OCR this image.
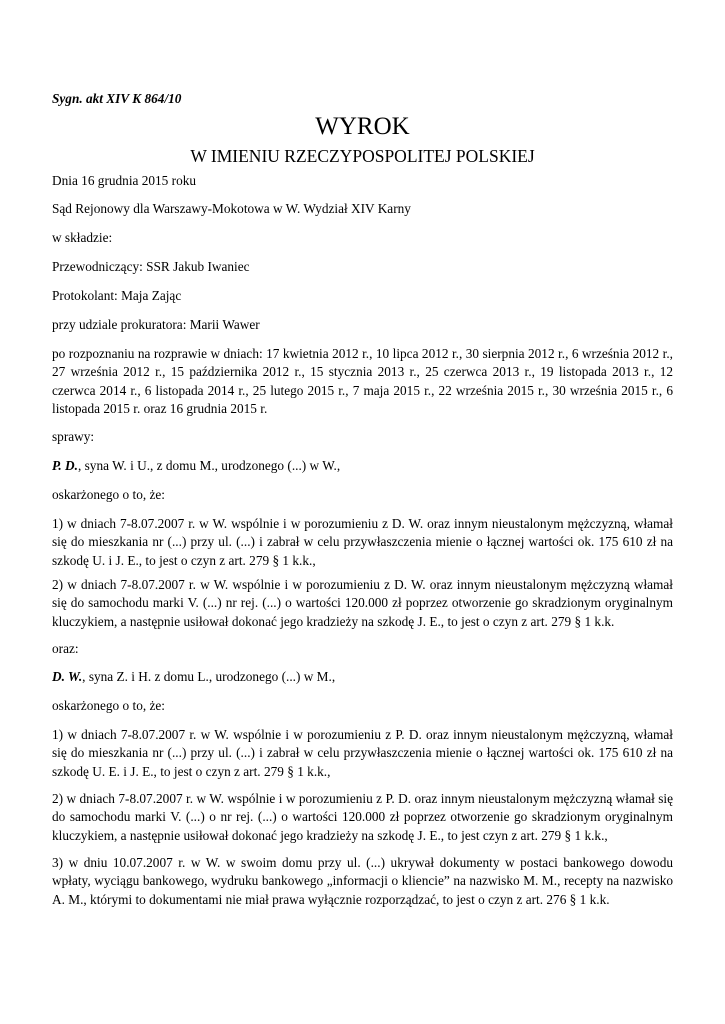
Sygn. akt XIV K 864/10

WYROK
W IMIENIU RZECZYPOSPOLITEJ POLSKIEJ

Dnia 16 grudnia 2015 roku

Sąd Rejonowy dla Warszawy-Mokotowa w W. Wydział XIV Karny

w składzie:

Przewodniczący: SSR Jakub Iwaniec

Protokolant: Maja Zając

przy udziale prokuratora: Marii Wawer

po rozpoznaniu na rozprawie w dniach: 17 kwietnia 2012 r., 10 lipca 2012 r., 30 sierpnia 2012 r., 6 września 2012 r., 27 września 2012 r., 15 października 2012 r., 15 stycznia 2013 r., 25 czerwca 2013 r., 19 listopada 2013 r., 12 czerwca 2014 r., 6 listopada 2014 r., 25 lutego 2015 r., 7 maja 2015 r., 22 września 2015 r., 30 września 2015 r., 6 listopada 2015 r. oraz 16 grudnia 2015 r.

sprawy:

P. D., syna W. i U., z domu M., urodzonego (...) w W.,

oskarżonego o to, że:

1) w dniach 7-8.07.2007 r. w W. wspólnie i w porozumieniu z D. W. oraz innym nieustalonym mężczyzną, włamał się do mieszkania nr (...) przy ul. (...) i zabrał w celu przywłaszczenia mienie o łącznej wartości ok. 175 610 zł na szkodę U. i J. E., to jest o czyn z art. 279 § 1 k.k.,

2) w dniach 7-8.07.2007 r. w W. wspólnie i w porozumieniu z D. W. oraz innym nieustalonym mężczyzną włamał się do samochodu marki V. (...) nr rej. (...) o wartości 120.000 zł poprzez otworzenie go skradzionym oryginalnym kluczykiem, a następnie usiłował dokonać jego kradzieży na szkodę J. E., to jest o czyn z art. 279 § 1 k.k.

oraz:

D. W., syna Z. i H. z domu L., urodzonego (...) w M.,

oskarżonego o to, że:

1) w dniach 7-8.07.2007 r. w W. wspólnie i w porozumieniu z P. D. oraz innym nieustalonym mężczyzną, włamał się do mieszkania nr (...) przy ul. (...) i zabrał w celu przywłaszczenia mienie o łącznej wartości ok. 175 610 zł na szkodę U. E. i J. E., to jest o czyn z art. 279 § 1 k.k.,

2) w dniach 7-8.07.2007 r. w W. wspólnie i w porozumieniu z P. D. oraz innym nieustalonym mężczyzną włamał się do samochodu marki V. (...) o nr rej. (...) o wartości 120.000 zł poprzez otworzenie go skradzionym oryginalnym kluczykiem, a następnie usiłował dokonać jego kradzieży na szkodę J. E., to jest czyn z art. 279 § 1 k.k.,

3) w dniu 10.07.2007 r. w W. w swoim domu przy ul. (...) ukrywał dokumenty w postaci bankowego dowodu wpłaty, wyciągu bankowego, wydruku bankowego „informacji o kliencie” na nazwisko M. M., recepty na nazwisko A. M., którymi to dokumentami nie miał prawa wyłącznie rozporządzać, to jest o czyn z art. 276 § 1 k.k.
